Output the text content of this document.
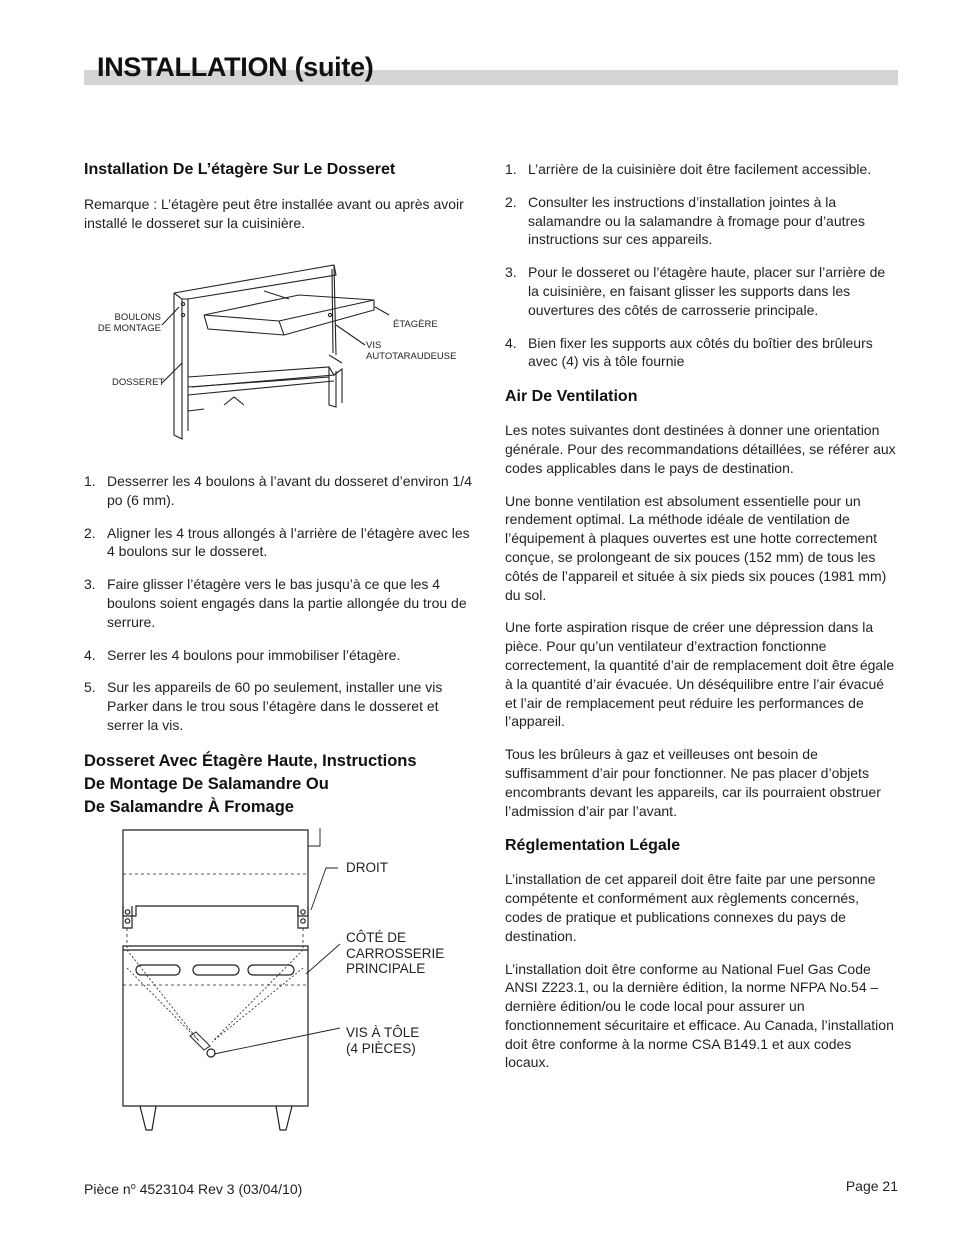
INSTALLATION (suite)
Installation De L’étagère Sur Le Dosseret

Remarque : L’étagère peut être installée avant ou après avoir installé le dosseret sur la cuisinière.

BOULONS
DE MONTAGE
DOSSERET
ÉTAGÈRE
VIS
AUTOTARAUDEUSE
1. Desserrer les 4 boulons à l’avant du dosseret d’environ 1/4 po (6 mm).
2. Aligner les 4 trous allongés à l’arrière de l’étagère avec les 4 boulons sur le dosseret.
3. Faire glisser l’étagère vers le bas jusqu’à ce que les 4 boulons soient engagés dans la partie allongée du trou de serrure.
4. Serrer les 4 boulons pour immobiliser l’étagère.
5. Sur les appareils de 60 po seulement, installer une vis Parker dans le trou sous l’étagère dans le dosseret et serrer la vis.
Dosseret Avec Étagère Haute, Instructions
De Montage De Salamandre Ou
De Salamandre À Fromage
DROIT
CÔTÉ DE
CARROSSERIE
PRINCIPALE
VIS À TÔLE
(4 PIÈCES)
1. L’arrière de la cuisinière doit être facilement accessible.
2. Consulter les instructions d’installation jointes à la salamandre ou la salamandre à fromage pour d’autres instructions sur ces appareils.
3. Pour le dosseret ou l’étagère haute, placer sur l’arrière de la cuisinière, en faisant glisser les supports dans les ouvertures des côtés de carrosserie principale.
4. Bien fixer les supports aux côtés du boîtier des brûleurs avec (4) vis à tôle fournie
Air De Ventilation

Les notes suivantes dont destinées à donner une orientation générale. Pour des recommandations détaillées, se référer aux codes applicables dans le pays de destination.

Une bonne ventilation est absolument essentielle pour un rendement optimal. La méthode idéale de ventilation de l’équipement à plaques ouvertes est une hotte correctement conçue, se prolongeant de six pouces (152 mm) de tous les côtés de l’appareil et située à six pieds six pouces (1981 mm) du sol.

Une forte aspiration risque de créer une dépression dans la pièce. Pour qu’un ventilateur d’extraction fonctionne correctement, la quantité d’air de remplacement doit être égale à la quantité d’air évacuée. Un déséquilibre entre l’air évacué et l’air de remplacement peut réduire les performances de l’appareil.

Tous les brûleurs à gaz et veilleuses ont besoin de suffisamment d’air pour fonctionner. Ne pas placer d’objets encombrants devant les appareils, car ils pourraient obstruer l’admission d’air par l’avant.

Réglementation Légale

L’installation de cet appareil doit être faite par une personne compétente et conformément aux règlements concernés, codes de pratique et publications connexes du pays de destination.

L’installation doit être conforme au National Fuel Gas Code ANSI Z223.1, ou la dernière édition, la norme NFPA No.54 – dernière édition/ou le code local pour assurer un fonctionnement sécuritaire et efficace. Au Canada, l’installation doit être conforme à la norme CSA B149.1 et aux codes locaux.

Pièce $n^o$ 4523104 Rev 3 (03/04/10)	Page 21
